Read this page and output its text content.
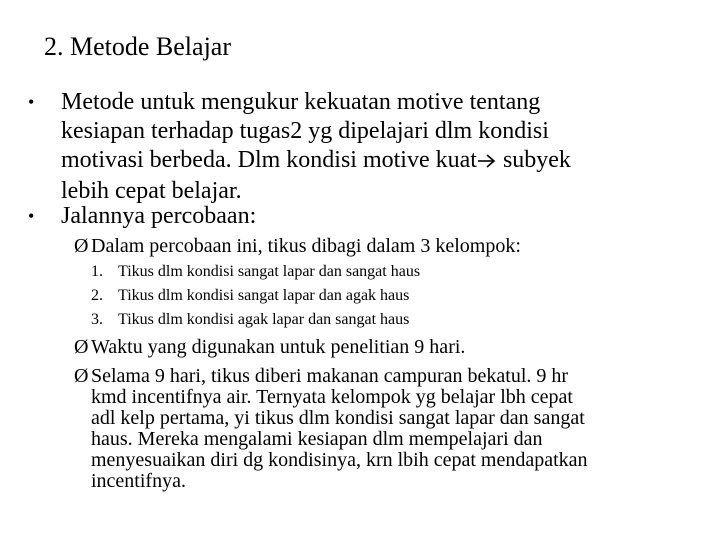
2. Metode Belajar
•	Metode untuk mengukur kekuatan motive tentang
kesiapan terhadap tugas2 yg dipelajari dlm kondisi
motivasi berbeda. Dlm kondisi motive kuat subyek
lebih cepat belajar.
•	Jalannya percobaan:
Ø Dalam percobaan ini, tikus dibagi dalam 3 kelompok:
1. Tikus dlm kondisi sangat lapar dan sangat haus
2. Tikus dlm kondisi sangat lapar dan agak haus
3. Tikus dlm kondisi agak lapar dan sangat haus
Ø Waktu yang digunakan untuk penelitian 9 hari.
Ø Selama 9 hari, tikus diberi makanan campuran bekatul. 9 hr
kmd incentifnya air. Ternyata kelompok yg belajar lbh cepat
adl kelp pertama, yi tikus dlm kondisi sangat lapar dan sangat
haus. Mereka mengalami kesiapan dlm mempelajari dan
menyesuaikan diri dg kondisinya, krn lbih cepat mendapatkan
incentifnya.
